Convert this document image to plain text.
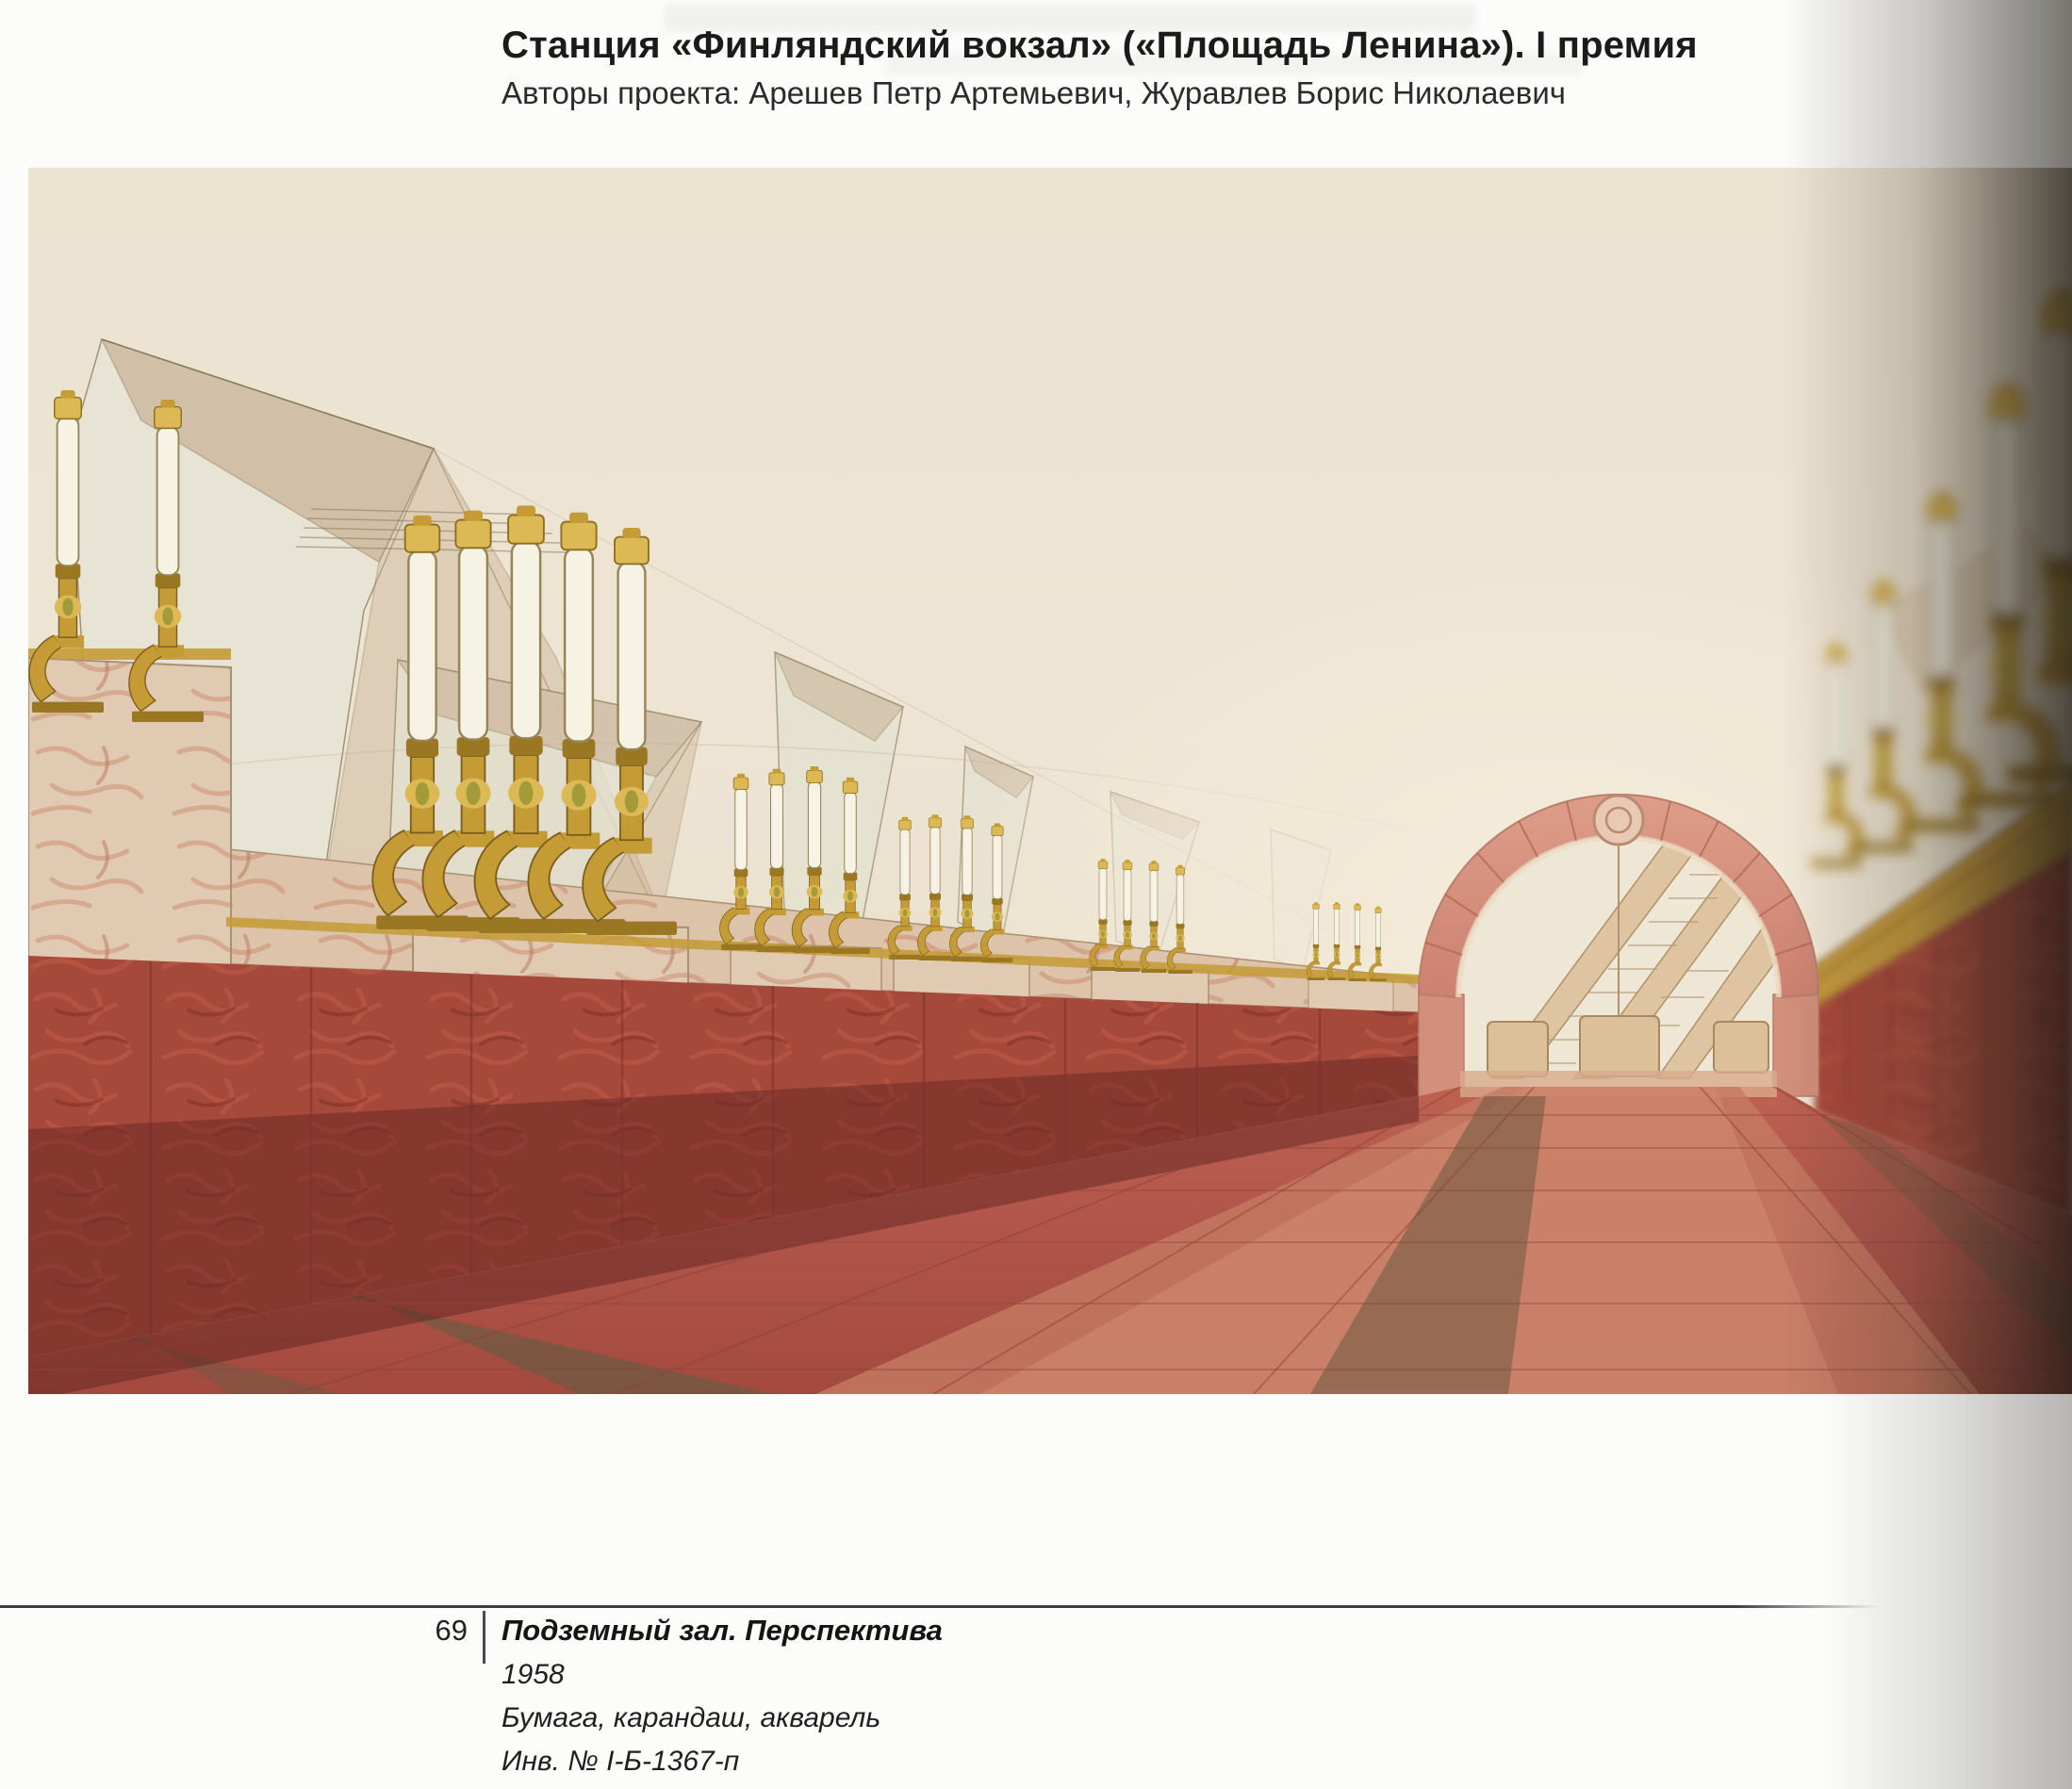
Станция «Финляндский вокзал» («Площадь Ленина»). I премия
Авторы проекта: Арешев Петр Артемьевич, Журавлев Борис Николаевич
69 Подземный зал. Перспектива
1958
Бумага, карандаш, акварель
Инв. № I-Б-1367-п
